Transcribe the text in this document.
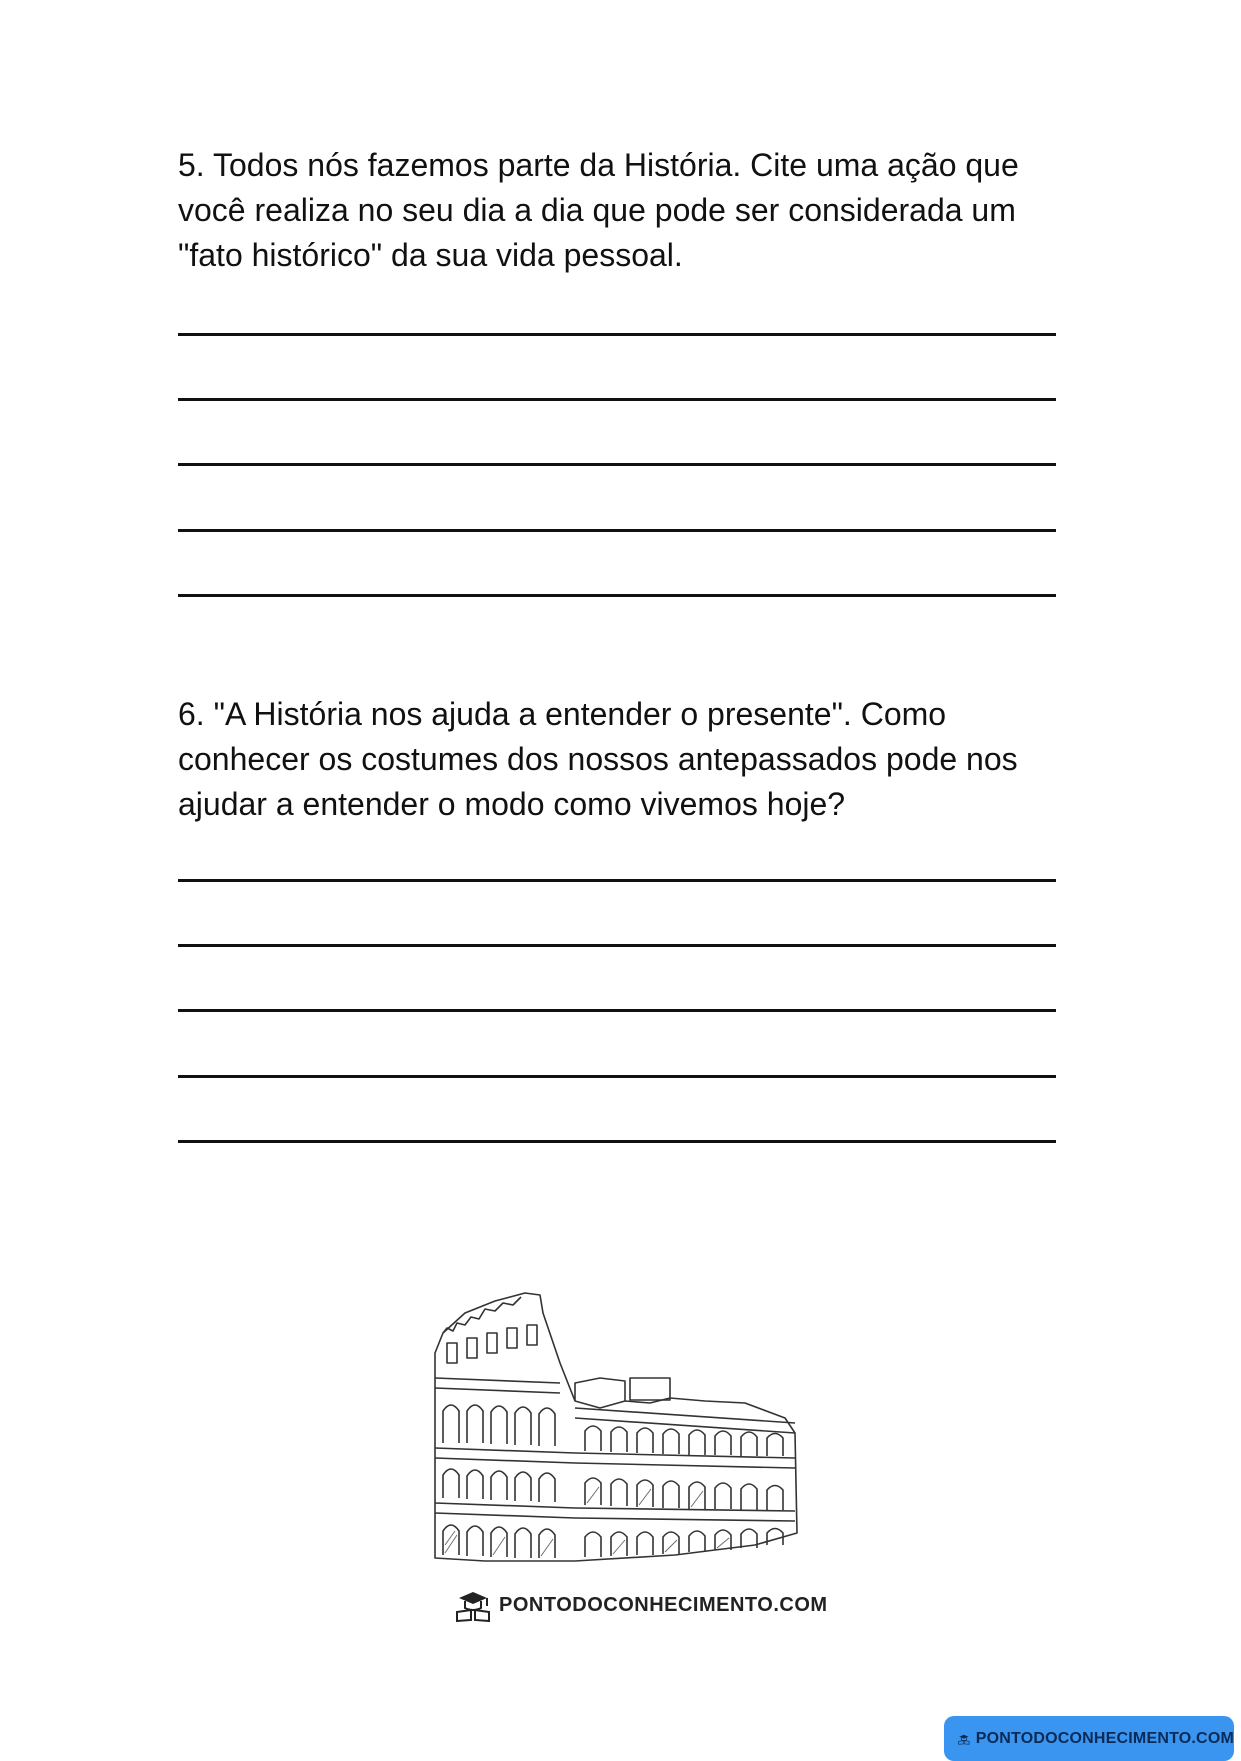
5. Todos nós fazemos parte da História. Cite uma ação que
você realiza no seu dia a dia que pode ser considerada um
"fato histórico" da sua vida pessoal.
6. "A História nos ajuda a entender o presente". Como
conhecer os costumes dos nossos antepassados pode nos
ajudar a entender o modo como vivemos hoje?
PONTODOCONHECIMENTO.COM
PONTODOCONHECIMENTO.COM
